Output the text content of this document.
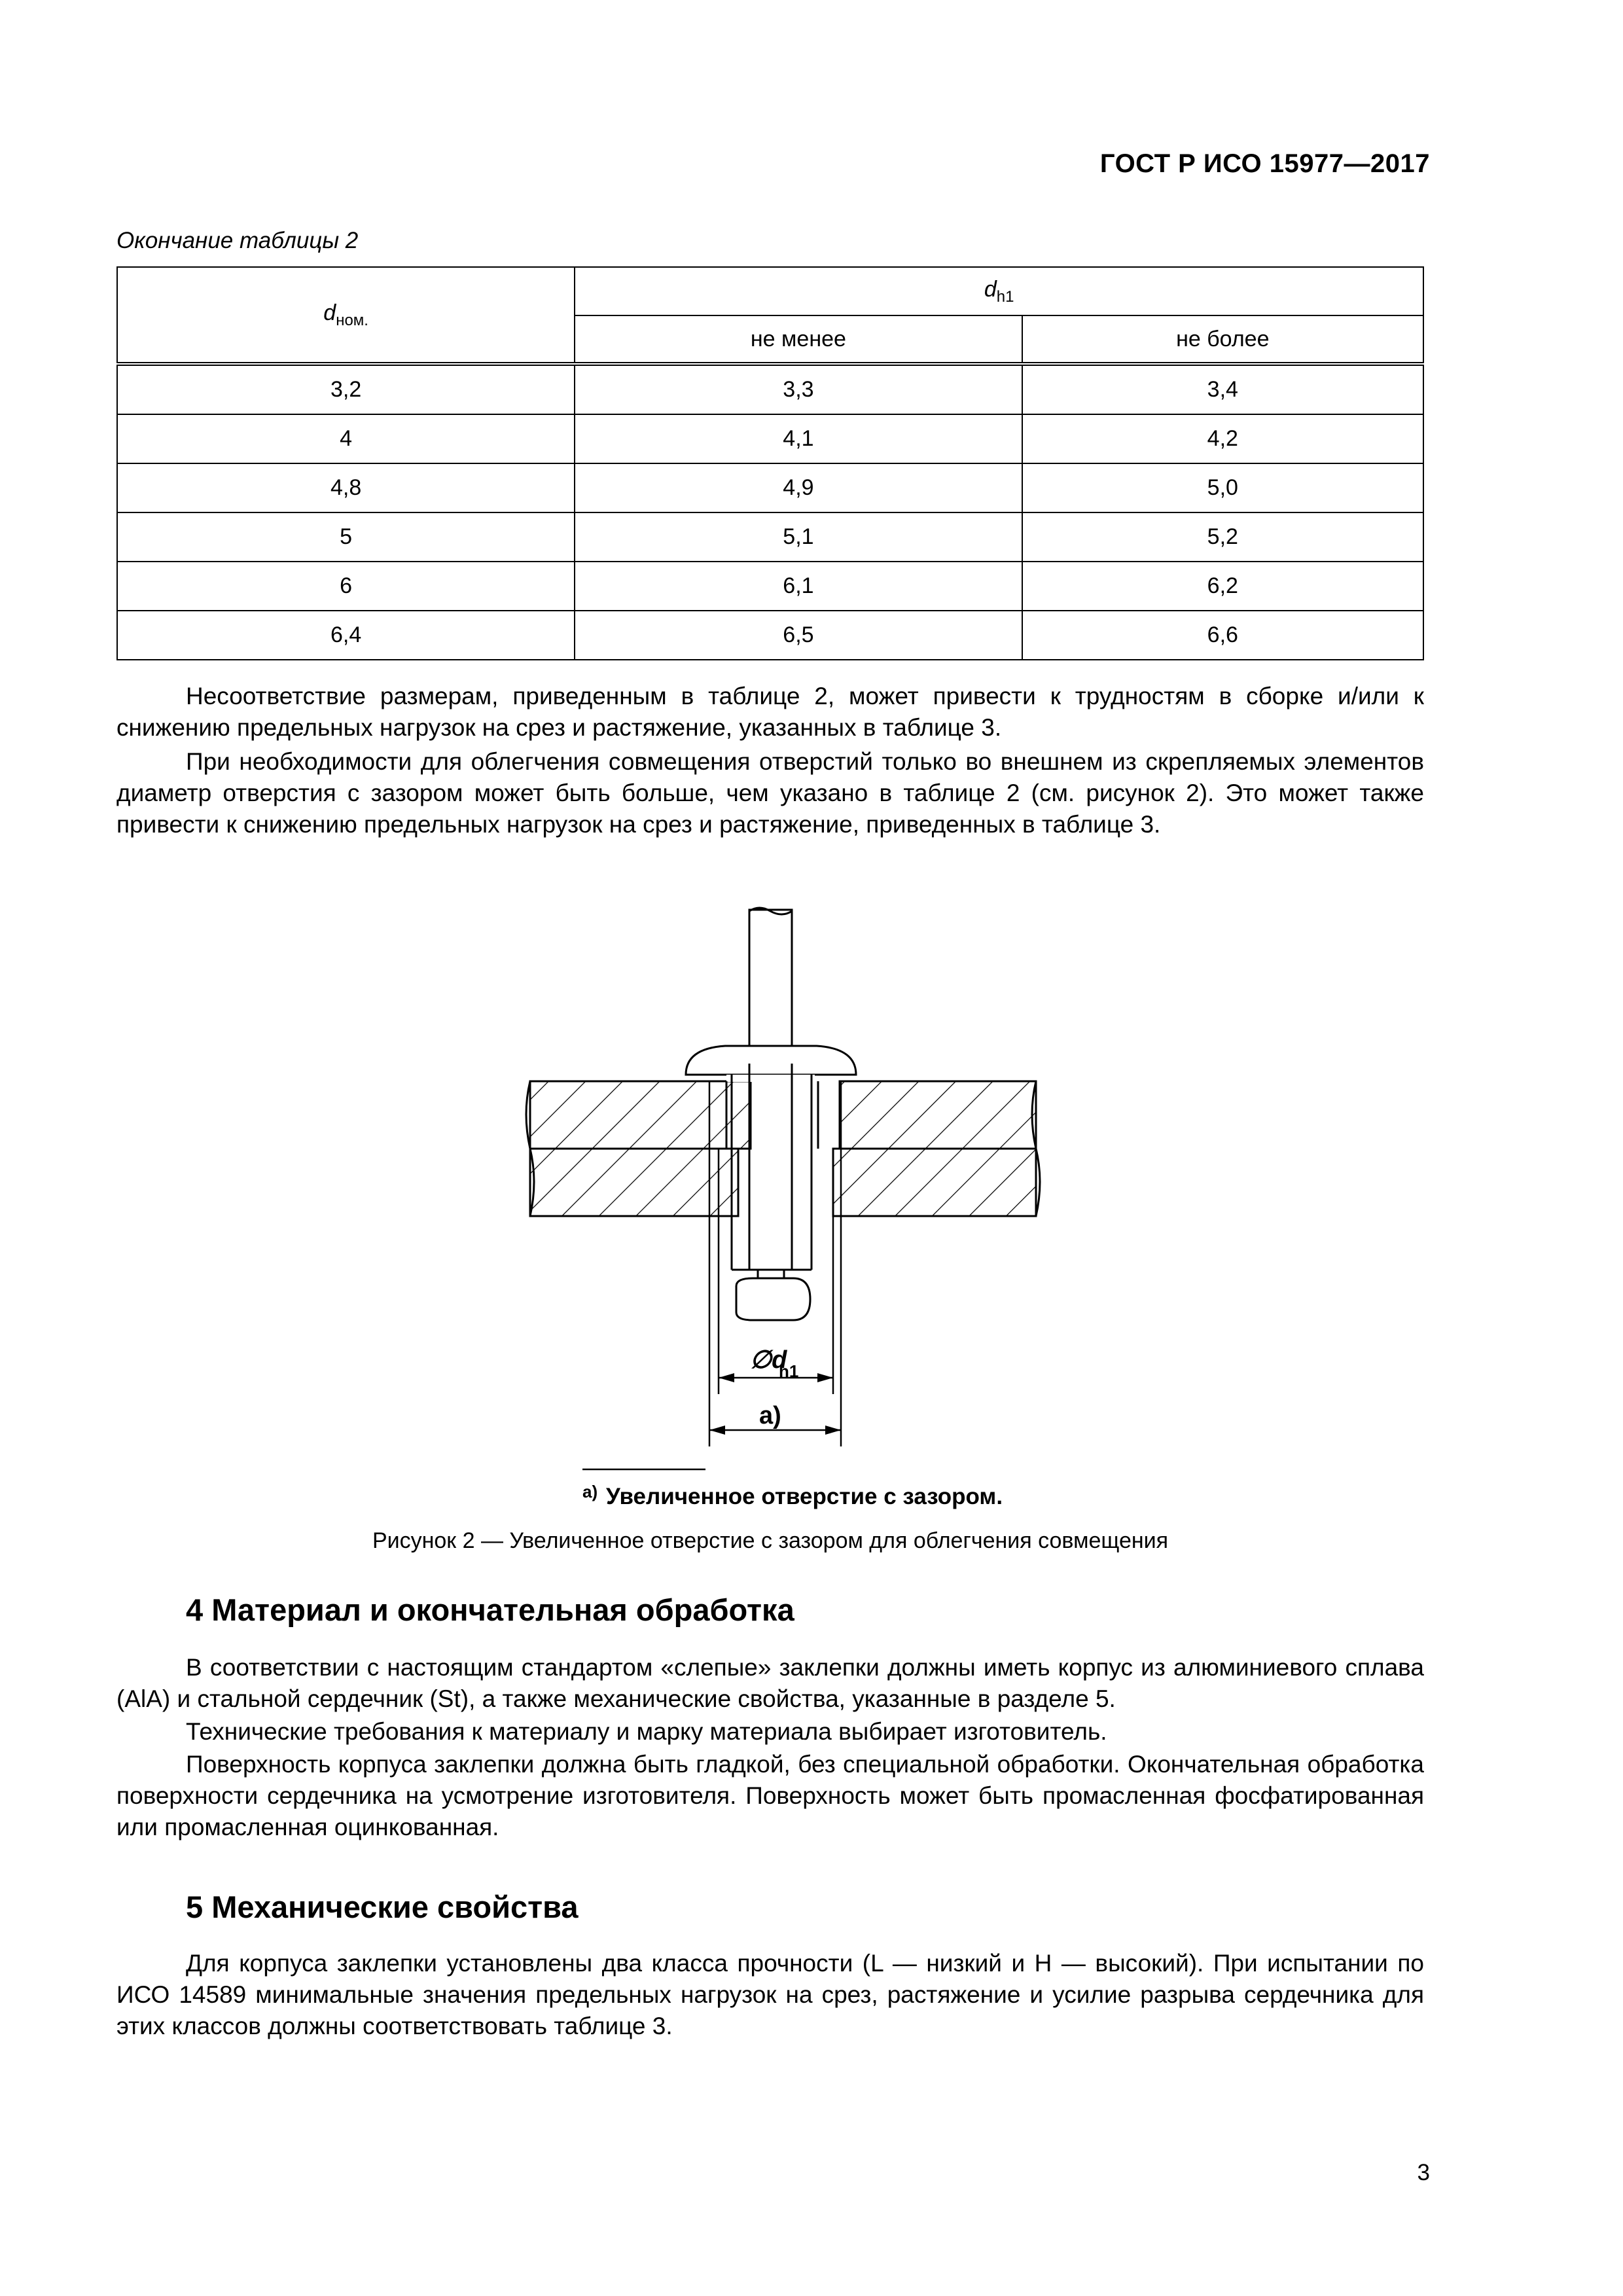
ГОСТ Р ИСО 15977—2017
Окончание таблицы 2
$d_{ном.}$	$d_{h1}$
	не менее	не более
3,2	3,3	3,4
4	4,1	4,2
4,8	4,9	5,0
5	5,1	5,2
6	6,1	6,2
6,4	6,5	6,6
Несоответствие размерам, приведенным в таблице 2, может привести к трудностям в сборке и/или к снижению предельных нагрузок на срез и растяжение, указанных в таблице 3.
При необходимости для облегчения совмещения отверстий только во внешнем из скрепляемых элементов диаметр отверстия с зазором может быть больше, чем указано в таблице 2 (см. рисунок 2). Это может также привести к снижению предельных нагрузок на срез и растяжение, приведенных в таблице 3.
∅d
h1
a)
a) Увеличенное отверстие с зазором.
Рисунок 2 — Увеличенное отверстие с зазором для облегчения совмещения
4 Материал и окончательная обработка
В соответствии с настоящим стандартом «слепые» заклепки должны иметь корпус из алюминиевого сплава (AlA) и стальной сердечник (St), а также механические свойства, указанные в разделе 5.
Технические требования к материалу и марку материала выбирает изготовитель.
Поверхность корпуса заклепки должна быть гладкой, без специальной обработки. Окончательная обработка поверхности сердечника на усмотрение изготовителя. Поверхность может быть промасленная фосфатированная или промасленная оцинкованная.
5 Механические свойства
Для корпуса заклепки установлены два класса прочности (L — низкий и H — высокий). При испытании по ИСО 14589 минимальные значения предельных нагрузок на срез, растяжение и усилие разрыва сердечника для этих классов должны соответствовать таблице 3.
3
